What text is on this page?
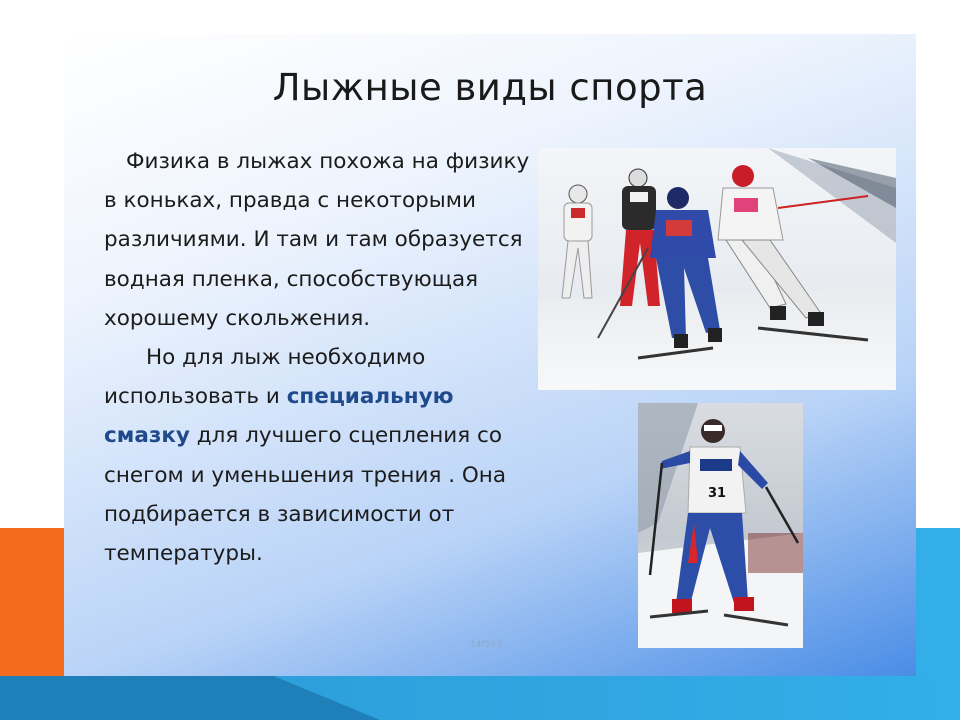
Лыжные виды спорта

Физика в лыжах похожа на физику в коньках, правда с некоторыми различиями. И там и там образуется водная пленка, способствующая хорошему скольжения.

Но для лыж необходимо использовать и специальную смазку для лучшего сцепления со снегом и уменьшения трения . Она подбирается в зависимости от температуры.

14f563
31
